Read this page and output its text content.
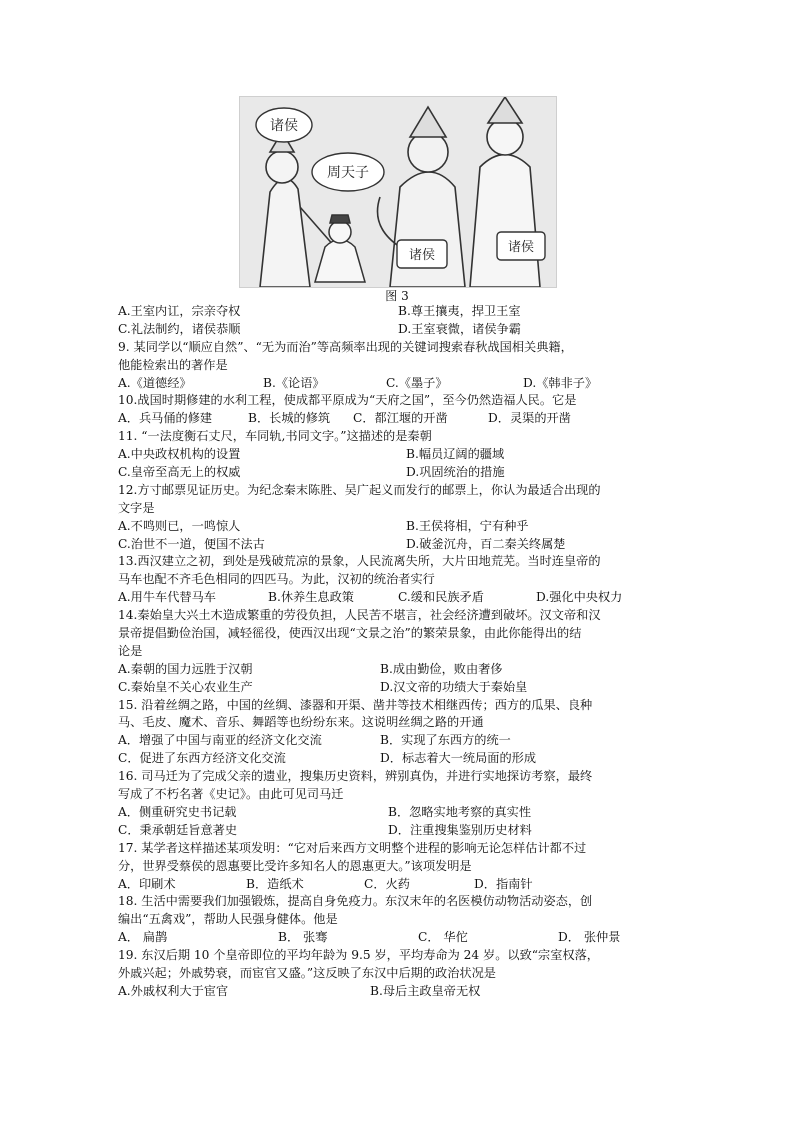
诸侯
周天子
诸侯
诸侯
图 3
A.王室内讧，宗亲夺权	B.尊王攘夷，捍卫王室
C.礼法制约，诸侯恭顺	D.王室衰微，诸侯争霸
9. 某同学以“顺应自然”、“无为而治”等高频率出现的关键词搜索春秋战国相关典籍，
他能检索出的著作是
A.《道德经》	B.《论语》	C.《墨子》	D.《韩非子》
10.战国时期修建的水利工程，使成都平原成为“天府之国”，至今仍然造福人民。它是
A．兵马俑的修建	B．长城的修筑 C．都江堰的开凿	D．灵渠的开凿
11. “一法度衡石丈尺，车同轨,书同文字。”这描述的是秦朝
A.中央政权机构的设置	B.幅员辽阔的疆域
C.皇帝至高无上的权威	D.巩固统治的措施
12.方寸邮票见证历史。为纪念秦末陈胜、吴广起义而发行的邮票上，你认为最适合出现的
文字是
A.不鸣则已，一鸣惊人	B.王侯将相，宁有种乎
C.治世不一道，便国不法古	D.破釜沉舟，百二秦关终属楚
13.西汉建立之初，到处是残破荒凉的景象，人民流离失所，大片田地荒芜。当时连皇帝的
马车也配不齐毛色相同的四匹马。为此，汉初的统治者实行
A.用牛车代替马车	B.休养生息政策	C.缓和民族矛盾	D.强化中央权力
14.秦始皇大兴土木造成繁重的劳役负担，人民苦不堪言，社会经济遭到破坏。汉文帝和汉
景帝提倡勤俭治国，减轻徭役，使西汉出现“文景之治”的繁荣景象，由此你能得出的结
论是
A.秦朝的国力远胜于汉朝	B.成由勤俭，败由奢侈
C.秦始皇不关心农业生产	D.汉文帝的功绩大于秦始皇
15. 沿着丝绸之路，中国的丝绸、漆器和开渠、凿井等技术相继西传；西方的瓜果、良种
马、毛皮、魔术、音乐、舞蹈等也纷纷东来。这说明丝绸之路的开通
A．增强了中国与南亚的经济文化交流	B．实现了东西方的统一
C．促进了东西方经济文化交流	D．标志着大一统局面的形成
16. 司马迁为了完成父亲的遗业，搜集历史资料，辨别真伪，并进行实地探访考察，最终
写成了不朽名著《史记》。由此可见司马迁
A．侧重研究史书记载	B．忽略实地考察的真实性
C．秉承朝廷旨意著史	D．注重搜集鉴别历史材料
17. 某学者这样描述某项发明：“它对后来西方文明整个进程的影响无论怎样估计都不过
分，世界受蔡侯的恩惠要比受许多知名人的恩惠更大。”该项发明是
A．印刷术	B．造纸术	C．火药	D．指南针
18. 生活中需要我们加强锻炼，提高自身免疫力。东汉末年的名医模仿动物活动姿态，创
编出“五禽戏”，帮助人民强身健体。他是
A． 扁鹊	B． 张骞	C． 华佗	D． 张仲景
19. 东汉后期 10 个皇帝即位的平均年龄为 9.5 岁，平均寿命为 24 岁。以致“宗室权落，
外戚兴起；外戚势衰，而宦官又盛。”这反映了东汉中后期的政治状况是
A.外戚权利大于宦官	B.母后主政皇帝无权
